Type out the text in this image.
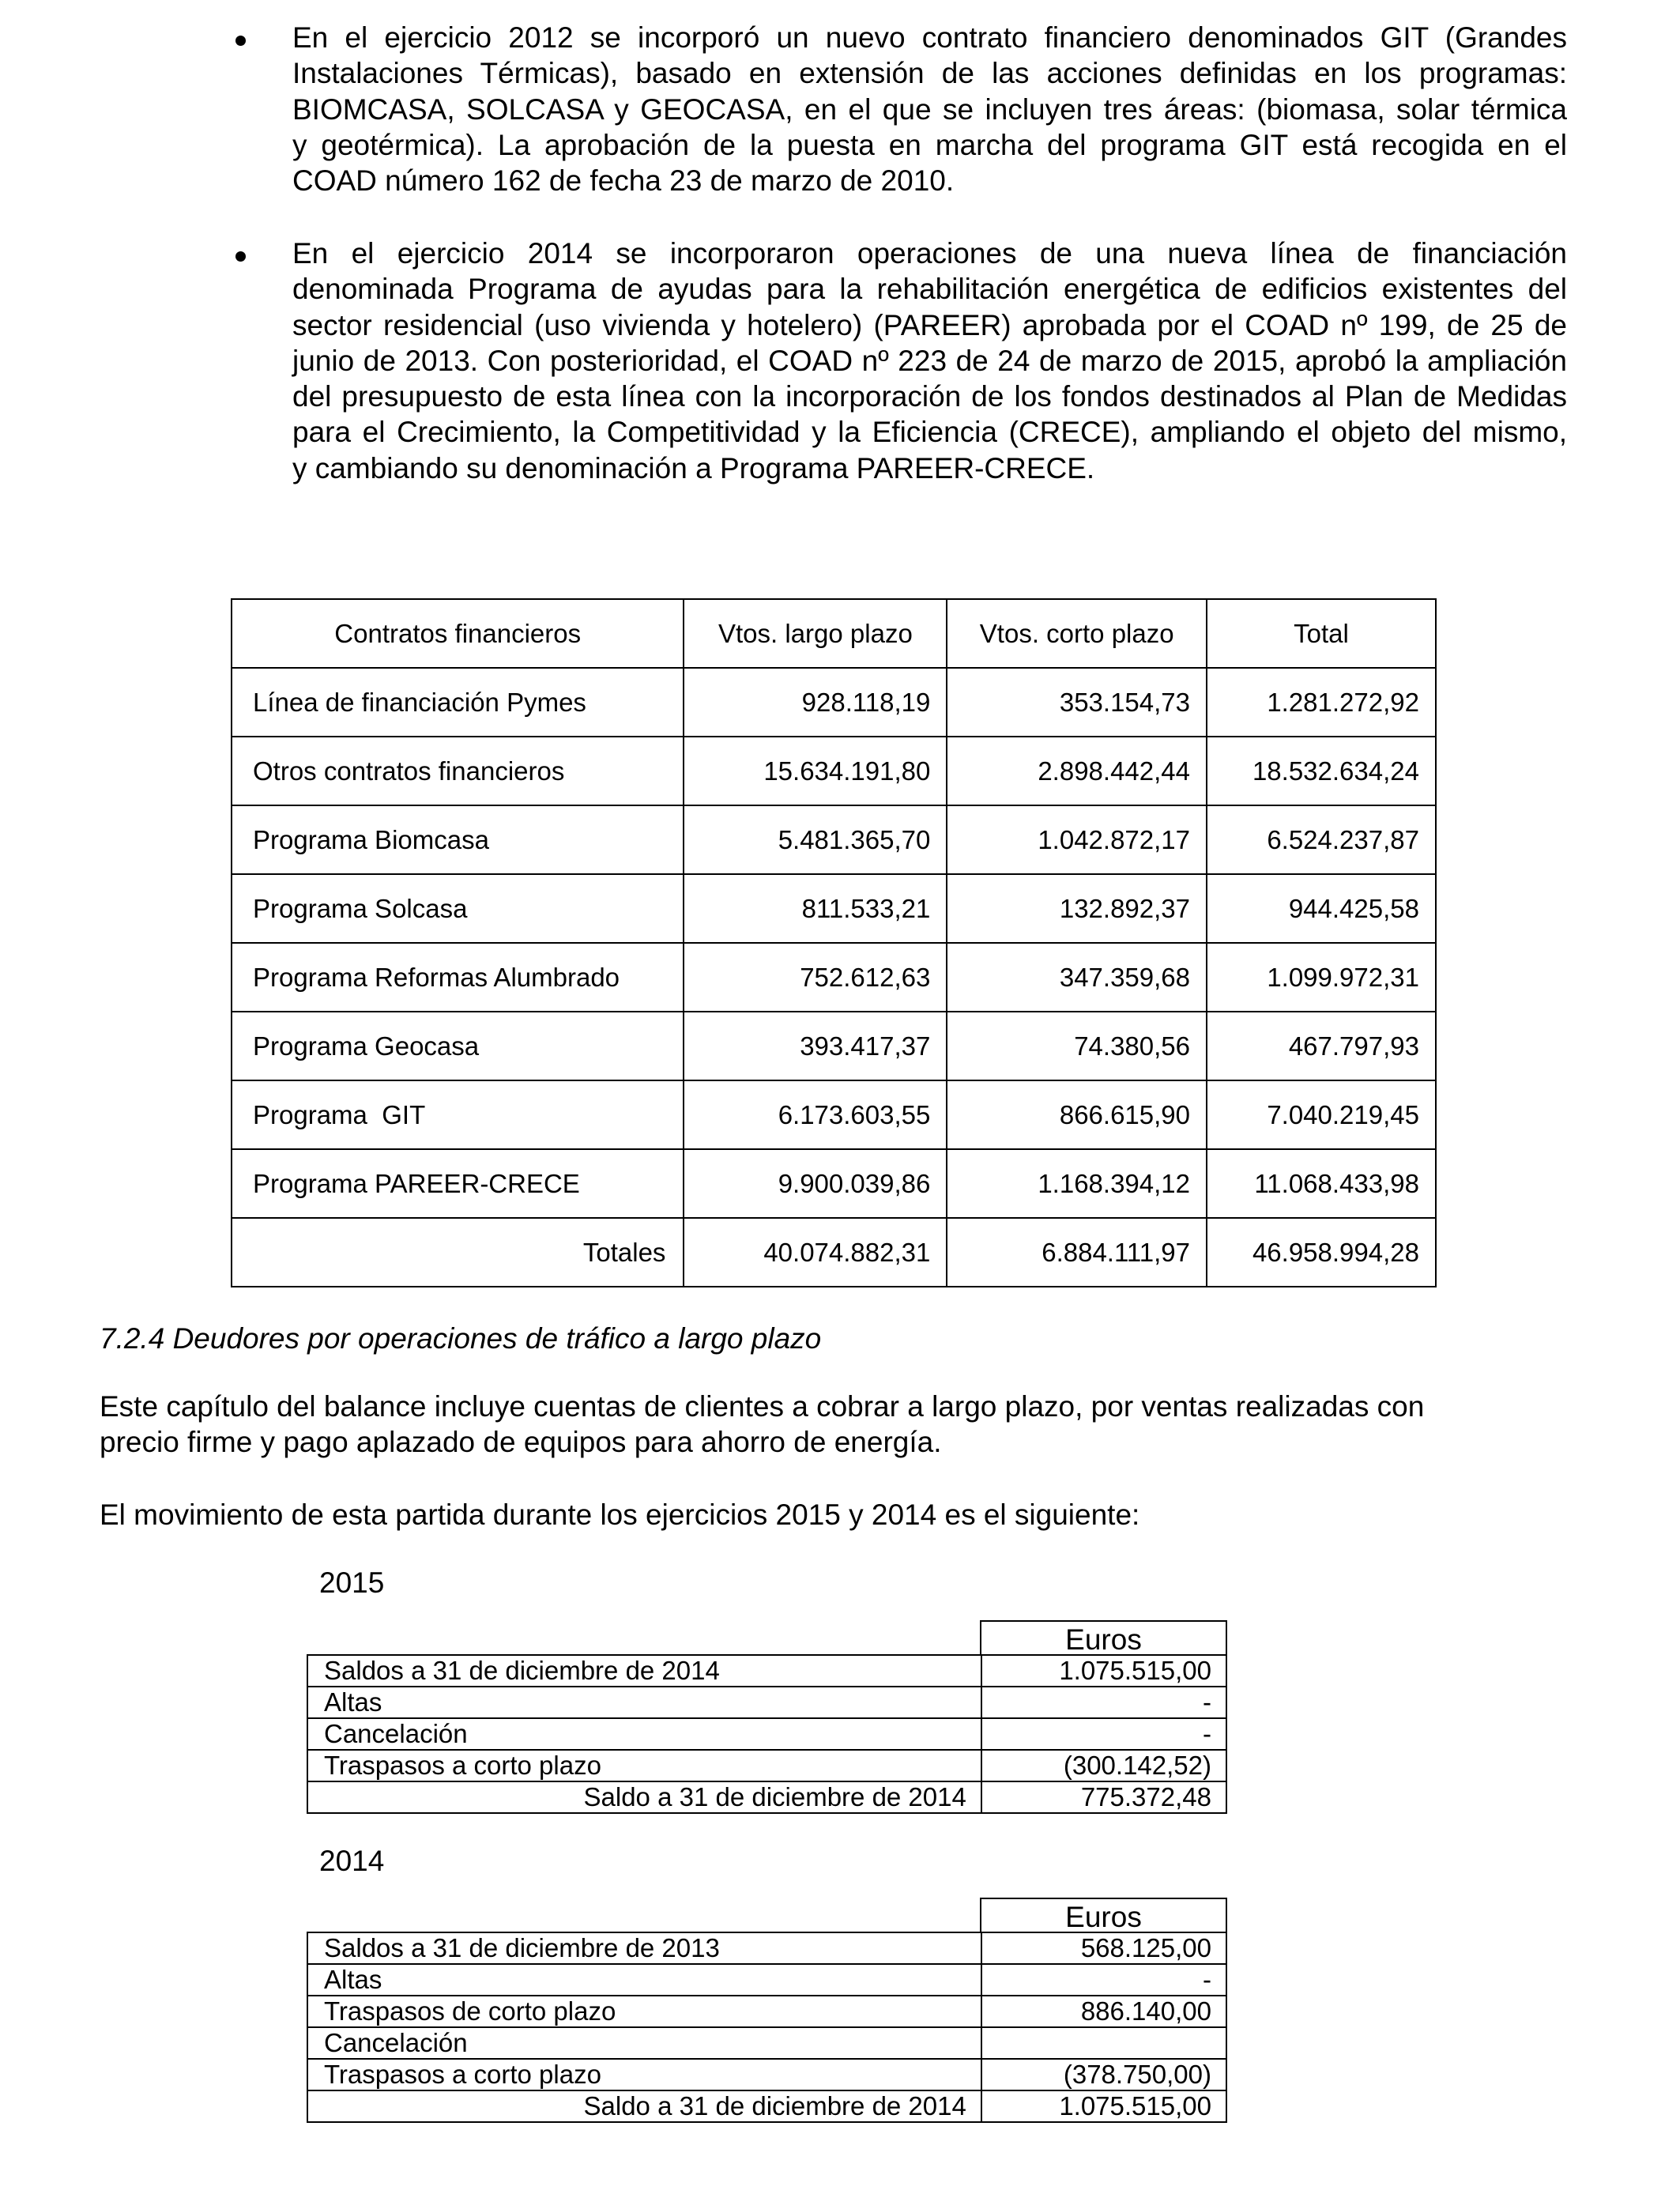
En el ejercicio 2012 se incorporó un nuevo contrato financiero denominados GIT (Grandes
Instalaciones Térmicas), basado en extensión de las acciones definidas en los programas:
BIOMCASA, SOLCASA y GEOCASA, en el que se incluyen tres áreas: (biomasa, solar térmica
y geotérmica). La aprobación de la puesta en marcha del programa GIT está recogida en el
COAD número 162 de fecha 23 de marzo de 2010.
En el ejercicio 2014 se incorporaron operaciones de una nueva línea de financiación
denominada Programa de ayudas para la rehabilitación energética de edificios existentes del
sector residencial (uso vivienda y hotelero) (PAREER) aprobada por el COAD nº 199, de 25 de
junio de 2013. Con posterioridad, el COAD nº 223 de 24 de marzo de 2015, aprobó la ampliación
del presupuesto de esta línea con la incorporación de los fondos destinados al Plan de Medidas
para el Crecimiento, la Competitividad y la Eficiencia (CRECE), ampliando el objeto del mismo,
y cambiando su denominación a Programa PAREER-CRECE.
Contratos financieros	Vtos. largo plazo	Vtos. corto plazo	Total
Línea de financiación Pymes	928.118,19	353.154,73	1.281.272,92
Otros contratos financieros	15.634.191,80	2.898.442,44	18.532.634,24
Programa Biomcasa	5.481.365,70	1.042.872,17	6.524.237,87
Programa Solcasa	811.533,21	132.892,37	944.425,58
Programa Reformas Alumbrado	752.612,63	347.359,68	1.099.972,31
Programa Geocasa	393.417,37	74.380,56	467.797,93
Programa  GIT	6.173.603,55	866.615,90	7.040.219,45
Programa PAREER-CRECE	9.900.039,86	1.168.394,12	11.068.433,98
Totales	40.074.882,31	6.884.111,97	46.958.994,28
7.2.4 Deudores por operaciones de tráfico a largo plazo
Este capítulo del balance incluye cuentas de clientes a cobrar a largo plazo, por ventas realizadas con
precio firme y pago aplazado de equipos para ahorro de energía.
El movimiento de esta partida durante los ejercicios 2015 y 2014 es el siguiente:
2015
Euros
Saldos a 31 de diciembre de 2014	1.075.515,00
Altas	-
Cancelación	-
Traspasos a corto plazo	(300.142,52)
Saldo a 31 de diciembre de 2014	775.372,48
2014
Euros
Saldos a 31 de diciembre de 2013	568.125,00
Altas	-
Traspasos de corto plazo	886.140,00
Cancelación	
Traspasos a corto plazo	(378.750,00)
Saldo a 31 de diciembre de 2014	1.075.515,00
